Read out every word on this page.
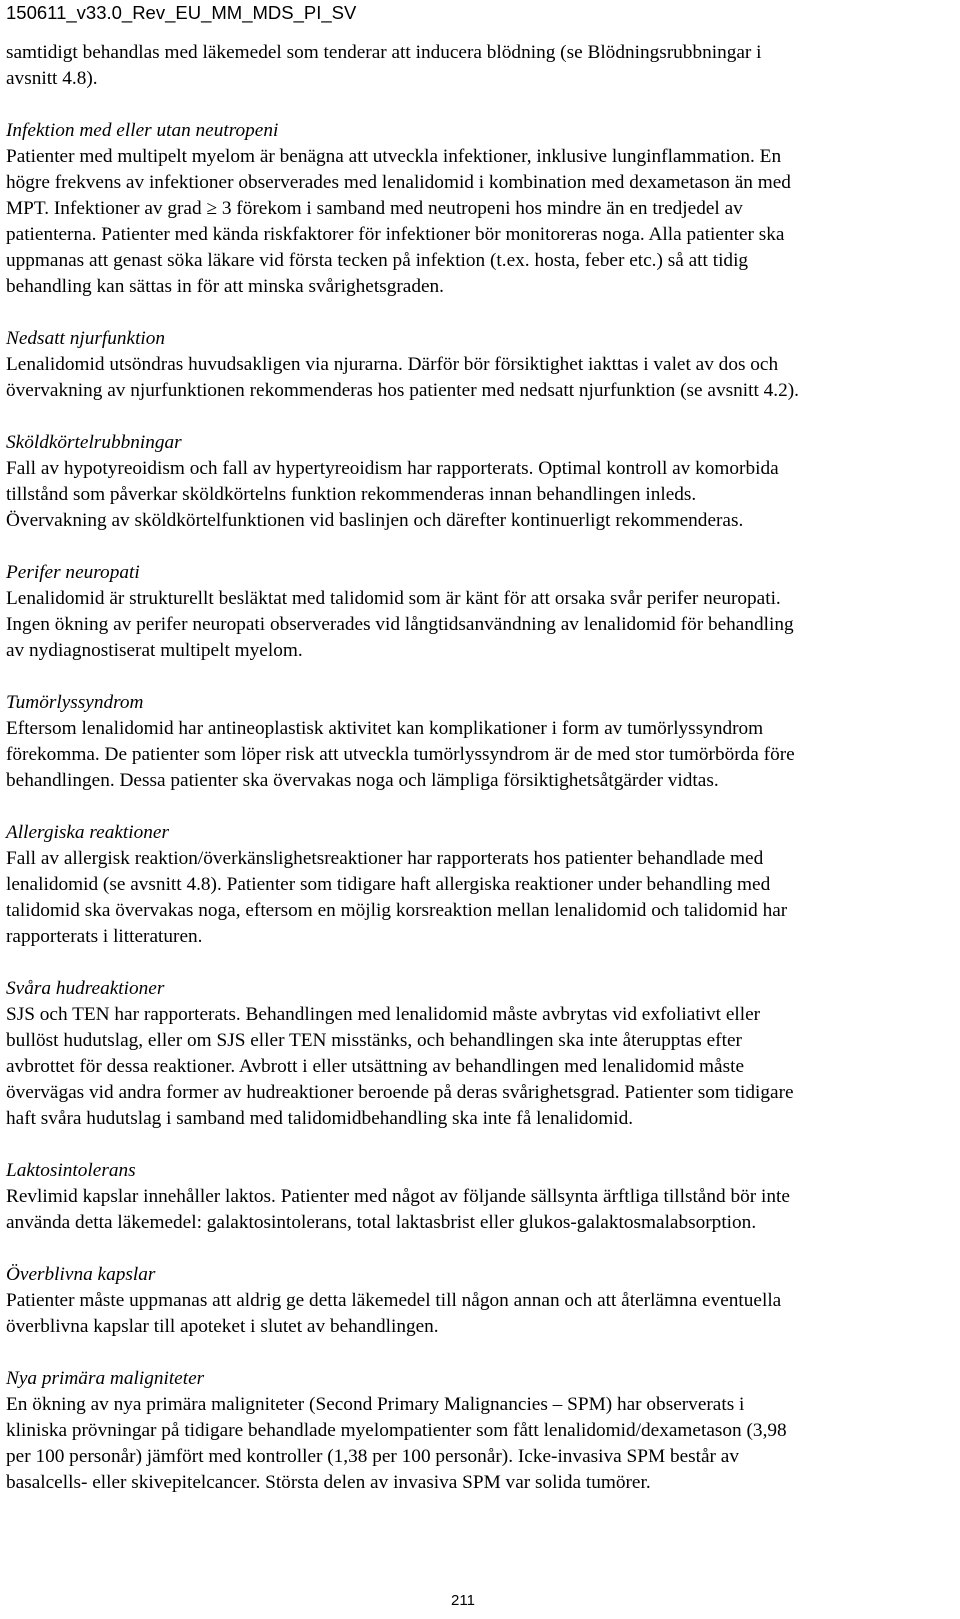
150611_v33.0_Rev_EU_MM_MDS_PI_SV
samtidigt behandlas med läkemedel som tenderar att inducera blödning (se Blödningsrubbningar i
avsnitt 4.8).
Infektion med eller utan neutropeni
Patienter med multipelt myelom är benägna att utveckla infektioner, inklusive lunginflammation. En
högre frekvens av infektioner observerades med lenalidomid i kombination med dexametason än med
MPT. Infektioner av grad ≥ 3 förekom i samband med neutropeni hos mindre än en tredjedel av
patienterna. Patienter med kända riskfaktorer för infektioner bör monitoreras noga. Alla patienter ska
uppmanas att genast söka läkare vid första tecken på infektion (t.ex. hosta, feber etc.) så att tidig
behandling kan sättas in för att minska svårighetsgraden.
Nedsatt njurfunktion
Lenalidomid utsöndras huvudsakligen via njurarna. Därför bör försiktighet iakttas i valet av dos och
övervakning av njurfunktionen rekommenderas hos patienter med nedsatt njurfunktion (se avsnitt 4.2).
Sköldkörtelrubbningar
Fall av hypotyreoidism och fall av hypertyreoidism har rapporterats. Optimal kontroll av komorbida
tillstånd som påverkar sköldkörtelns funktion rekommenderas innan behandlingen inleds.
Övervakning av sköldkörtelfunktionen vid baslinjen och därefter kontinuerligt rekommenderas.
Perifer neuropati
Lenalidomid är strukturellt besläktat med talidomid som är känt för att orsaka svår perifer neuropati.
Ingen ökning av perifer neuropati observerades vid långtidsanvändning av lenalidomid för behandling
av nydiagnostiserat multipelt myelom.
Tumörlyssyndrom
Eftersom lenalidomid har antineoplastisk aktivitet kan komplikationer i form av tumörlyssyndrom
förekomma. De patienter som löper risk att utveckla tumörlyssyndrom är de med stor tumörbörda före
behandlingen. Dessa patienter ska övervakas noga och lämpliga försiktighetsåtgärder vidtas.
Allergiska reaktioner
Fall av allergisk reaktion/överkänslighetsreaktioner har rapporterats hos patienter behandlade med
lenalidomid (se avsnitt 4.8). Patienter som tidigare haft allergiska reaktioner under behandling med
talidomid ska övervakas noga, eftersom en möjlig korsreaktion mellan lenalidomid och talidomid har
rapporterats i litteraturen.
Svåra hudreaktioner
SJS och TEN har rapporterats. Behandlingen med lenalidomid måste avbrytas vid exfoliativt eller
bullöst hudutslag, eller om SJS eller TEN misstänks, och behandlingen ska inte återupptas efter
avbrottet för dessa reaktioner. Avbrott i eller utsättning av behandlingen med lenalidomid måste
övervägas vid andra former av hudreaktioner beroende på deras svårighetsgrad. Patienter som tidigare
haft svåra hudutslag i samband med talidomidbehandling ska inte få lenalidomid.
Laktosintolerans
Revlimid kapslar innehåller laktos. Patienter med något av följande sällsynta ärftliga tillstånd bör inte
använda detta läkemedel: galaktosintolerans, total laktasbrist eller glukos-galaktosmalabsorption.
Överblivna kapslar
Patienter måste uppmanas att aldrig ge detta läkemedel till någon annan och att återlämna eventuella
överblivna kapslar till apoteket i slutet av behandlingen.
Nya primära maligniteter
En ökning av nya primära maligniteter (Second Primary Malignancies – SPM) har observerats i
kliniska prövningar på tidigare behandlade myelompatienter som fått lenalidomid/dexametason (3,98
per 100 personår) jämfört med kontroller (1,38 per 100 personår). Icke-invasiva SPM består av
basalcells- eller skivepitelcancer. Största delen av invasiva SPM var solida tumörer.
211
